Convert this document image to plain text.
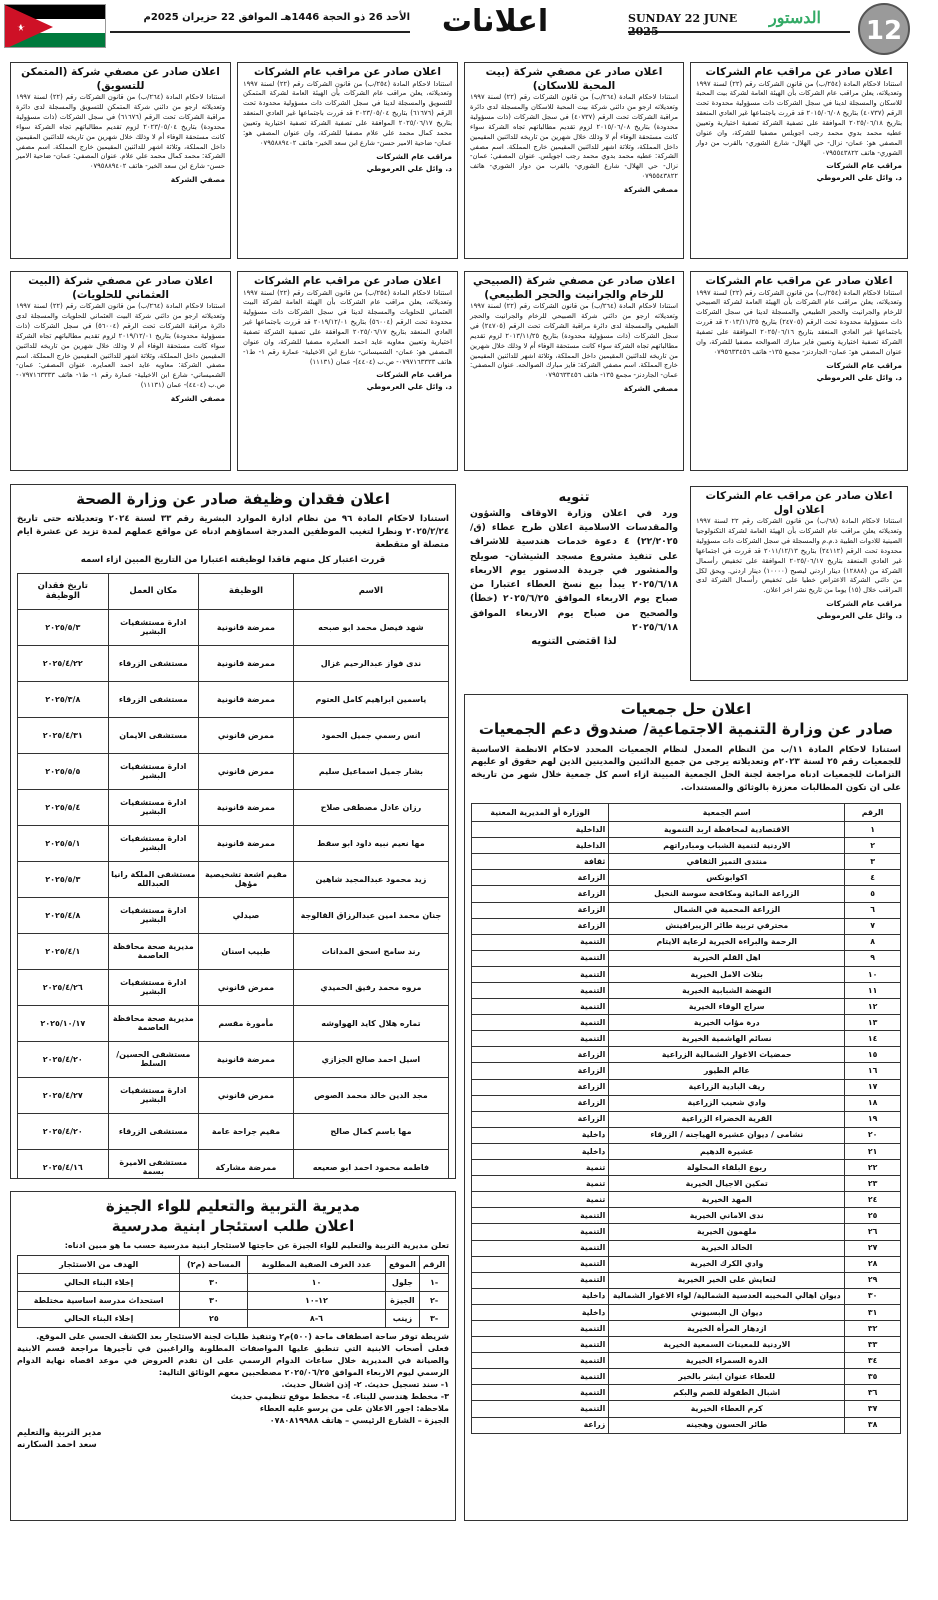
الأحد 26 ذو الحجة 1446هـ الموافق 22 حزيران 2025م	اعلانات	SUNDAY 22 JUNE 2025
الدستور	12
اعلان صادر عن مراقب عام الشركات

استنادا لاحكام المادة (٢٥٤/ب) من قانون الشركات رقم (٢٢) لسنة ١٩٩٧ وتعديلاته، يعلن مراقب عام الشركات بأن الهيئة العامة لشركة بيت المحبة للاسكان والمسجلة لدينا في سجل الشركات ذات مسؤولية محدودة تحت الرقم (٤٠٧٣٧) بتاريخ ٢٠١٥/٠٦/٠٨ قد قررت باجتماعها غير العادي المنعقد بتاريخ ٢٠٢٥/٠٦/١٨ الموافقة على تصفية الشركة تصفية اختيارية وتعيين عطيه محمد بدوي محمد رجب اجويلس مصفيا للشركة، وان عنوان المصفي هو: عمان- نزال- حي الهلال- شارع الشوري- بالقرب من دوار الشوري- هاتف ٠٧٩٥٥٤٣٨٢٢

مراقب عام الشركات
د. وائل علي العرموطي
اعلان صادر عن مصفي شركة (بيت المحبة للاسكان)

استنادا لاحكام المادة (٢٦٤/ب) من قانون الشركات رقم (٢٢) لسنة ١٩٩٧ وتعديلاته ارجو من دائني شركة بيت المحبة للاسكان والمسجلة لدى دائرة مراقبة الشركات تحت الرقم (٤٠٧٣٧) في سجل الشركات (ذات مسؤولية محدودة) بتاريخ ٢٠١٥/٠٦/٠٨ لزوم تقديم مطالباتهم تجاه الشركة سواء كانت مستحقة الوفاء أم لا وذلك خلال شهرين من تاريخه للدائنين المقيمين داخل المملكة، وثلاثة اشهر للدائنين المقيمين خارج المملكة. اسم مصفي الشركة: عطيه محمد بدوي محمد رجب اجويلس. عنوان المصفي: عمان- نزال- حي الهلال- شارع الشوري- بالقرب من دوار الشوري- هاتف ٠٧٩٥٥٤٣٨٢٢

مصفي الشركة
اعلان صادر عن مراقب عام الشركات

استنادا لاحكام المادة (٢٥٤/ب) من قانون الشركات رقم (٢٢) لسنة ١٩٩٧ وتعديلاته، يعلن مراقب عام الشركات بأن الهيئة العامة لشركة المتمكن للتسويق والمسجلة لدينا في سجل الشركات ذات مسؤولية محدودة تحت الرقم (٦١٦٧٦) بتاريخ ٢٠٢٣/٠٥/٠٤ قد قررت باجتماعها غير العادي المنعقد بتاريخ ٢٠٢٥/٠٦/١٧ الموافقة على تصفية الشركة تصفية اختيارية وتعيين محمد كمال محمد علي علام مصفيا للشركة، وان عنوان المصفي هو: عمان- ضاحية الامير حسن- شارع ابن سعد الخير- هاتف ٠٧٩٥٨٨٩٤٠٢

مراقب عام الشركات
د. وائل علي العرموطي
اعلان صادر عن مصفي شركة (المتمكن للتسويق)

استنادا لاحكام المادة (٢٦٤/ب) من قانون الشركات رقم (٢٢) لسنة ١٩٩٧ وتعديلاته ارجو من دائني شركة المتمكن للتسويق والمسجلة لدى دائرة مراقبة الشركات تحت الرقم (٦١٦٧٦) في سجل الشركات (ذات مسؤولية محدودة) بتاريخ ٢٠٢٣/٠٥/٠٤ لزوم تقديم مطالباتهم تجاه الشركة سواء كانت مستحقة الوفاء أم لا وذلك خلال شهرين من تاريخه للدائنين المقيمين داخل المملكة، وثلاثة اشهر للدائنين المقيمين خارج المملكة. اسم مصفي الشركة: محمد كمال محمد علي علام. عنوان المصفي: عمان- ضاحية الامير حسن- شارع ابن سعد الخير- هاتف ٠٧٩٥٨٨٩٤٠٢

مصفي الشركة
اعلان صادر عن مراقب عام الشركات

استنادا لاحكام المادة (٢٥٤/ب) من قانون الشركات رقم (٢٢) لسنة ١٩٩٧ وتعديلاته، يعلن مراقب عام الشركات بأن الهيئة العامة لشركة الصبيحي للرخام والجرانيت والحجر الطبيعي والمسجلة لدينا في سجل الشركات ذات مسؤولية محدودة تحت الرقم (٢٤٧٠٥) بتاريخ ٢٠١٣/١١/٢٥ قد قررت باجتماعها غير العادي المنعقد بتاريخ ٢٠٢٥/٠٦/١٦ الموافقة على تصفية الشركة تصفية اختيارية وتعيين فايز مبارك الصوالحه مصفيا للشركة، وان عنوان المصفي هو: عمان- الجاردنز- مجمع ١٣٥- هاتف ٠٧٩٥٦٣٣٤٥٦

مراقب عام الشركات
د. وائل علي العرموطي
اعلان صادر عن مصفي شركة (الصبيحي للرخام والجرانيت والحجر الطبيعي)

استنادا لاحكام المادة (٢٦٤/ب) من قانون الشركات رقم (٢٢) لسنة ١٩٩٧ وتعديلاته ارجو من دائني شركة الصبيحي للرخام والجرانيت والحجر الطبيعي والمسجلة لدى دائرة مراقبة الشركات تحت الرقم (٢٤٧٠٥) في سجل الشركات (ذات مسؤولية محدودة) بتاريخ ٢٠١٣/١١/٢٥ لزوم تقديم مطالباتهم تجاه الشركة سواء كانت مستحقة الوفاء أم لا وذلك خلال شهرين من تاريخه للدائنين المقيمين داخل المملكة، وثلاثة اشهر للدائنين المقيمين خارج المملكة. اسم مصفي الشركة: فايز مبارك الصوالحه. عنوان المصفي: عمان- الجاردنز- مجمع ١٣٥- هاتف ٠٧٩٥٦٣٣٤٥٦

مصفي الشركة
اعلان صادر عن مراقب عام الشركات

استنادا لاحكام المادة (٢٥٤/ب) من قانون الشركات رقم (٢٢) لسنة ١٩٩٧ وتعديلاته، يعلن مراقب عام الشركات بأن الهيئة العامة لشركة البيت العثماني للحلويات والمسجلة لدينا في سجل الشركات ذات مسؤولية محدودة تحت الرقم (٥٦٠٠٤) بتاريخ ٢٠١٩/١٢/٠١ قد قررت باجتماعها غير العادي المنعقد بتاريخ ٢٠٢٥/٠٦/١٧ الموافقة على تصفية الشركة تصفية اختيارية وتعيين معاويه عايد احمد العمايره مصفيا للشركة، وان عنوان المصفي هو: عمان- الشميساني- شارع ابن الاخيلية- عمارة رقم ١- ط١- هاتف ٠٧٩٧١٦٣٣٣٣- ص.ب (٤٤٠٤)- عمان (١١١٣١)

مراقب عام الشركات
د. وائل علي العرموطي
اعلان صادر عن مصفي شركة (البيت العثماني للحلويات)

استنادا لاحكام المادة (٢٦٤/ب) من قانون الشركات رقم (٢٢) لسنة ١٩٩٧ وتعديلاته ارجو من دائني شركة البيت العثماني للحلويات والمسجلة لدى دائرة مراقبة الشركات تحت الرقم (٥٦٠٠٤) في سجل الشركات (ذات مسؤولية محدودة) بتاريخ ٢٠١٩/١٢/٠١ لزوم تقديم مطالباتهم تجاه الشركة سواء كانت مستحقة الوفاء أم لا وذلك خلال شهرين من تاريخه للدائنين المقيمين داخل المملكة، وثلاثة اشهر للدائنين المقيمين خارج المملكة. اسم مصفي الشركة: معاويه عايد احمد العمايره. عنوان المصفي: عمان- الشميساني- شارع ابن الاخيلية- عمارة رقم ١- ط١- هاتف ٠٧٩٧١٦٣٣٣٣- ص.ب (٤٤٠٤)- عمان (١١١٣١)

مصفي الشركة
اعلان صادر عن مراقب عام الشركات
اعلان اول

استنادا لاحكام المادة (٦٨/ب) من قانون الشركات رقم ٢٢ لسنة ١٩٩٧ وتعديلاته يعلن مراقب عام الشركات بأن الهيئة العامة لشركة التكنولوجيا الصينية للادوات الطبية ذ.م.م والمسجلة في سجل الشركات ذات مسؤولية محدودة تحت الرقم (٢٤١١٢) بتاريخ ٢٠١١/١٢/١٣ قد قررت في اجتماعها غير العادي المنعقد بتاريخ ٢٠٢٥/٠٦/١٧ الموافقة على تخفيض رأسمال الشركة من (١٢٨٨٨) دينار اردني ليصبح (١٠٠٠٠) دينار اردني. ويحق لكل من دائني الشركة الاعتراض خطيا على تخفيض رأسمال الشركة لدى المراقب خلال (١٥) يوما من تاريخ نشر اخر اعلان.

مراقب عام الشركات
د. وائل علي العرموطي
تنويه

ورد في اعلان وزارة الاوقاف والشؤون والمقدسات الاسلامية اعلان طرح عطاء (ق/٢٢/٢٠٢٥) ٤ دعوة خدمات هندسية للاشراف على تنفيذ مشروع مسجد الشيشان- صويلح والمنشور في جريدة الدستور يوم الاربعاء ٢٠٢٥/٦/١٨ يبدأ بيع نسخ العطاء اعتبارا من صباح يوم الاربعاء الموافق ٢٠٢٥/٦/٢٥ (خطأ) والصحيح من صباح يوم الاربعاء الموافق ٢٠٢٥/٦/١٨

لذا اقتضى التنويه
اعلان فقدان وظيفة صادر عن وزارة الصحة

استنادا لاحكام المادة ٩٦ من نظام ادارة الموارد البشرية رقم ٣٣ لسنة ٢٠٢٤ وتعديلاته حتى تاريخ ٢٠٢٥/٢/٢٤ ونظرا لتغيب الموظفين المدرجة اسماؤهم ادناه عن مواقع عملهم لمدة تزيد عن عشرة ايام متصلة او متقطعة

قررت اعتبار كل منهم فاقدا لوظيفته اعتبارا من التاريخ المبين ازاء اسمه

الاسم	الوظيفة	مكان العمل	تاريخ فقدان الوظيفة
شهد فيصل محمد ابو صبحه	ممرضة قانونية	ادارة مستشفيات البشير	٢٠٢٥/٥/٣
ندى فواز عبدالرحيم غزال	ممرضة قانونية	مستشفى الزرقاء	٢٠٢٥/٤/٢٢
ياسمين ابراهيم كامل العتوم	ممرضة قانونية	مستشفى الزرقاء	٢٠٢٥/٣/٨
انس رسمي جميل الحمود	ممرض قانوني	مستشفى الايمان	٢٠٢٥/٤/٣١
بشار جميل اسماعيل سليم	ممرض قانوني	ادارة مستشفيات البشير	٢٠٢٥/٥/٥
رزان عادل مصطفى صلاح	ممرضة قانونية	ادارة مستشفيات البشير	٢٠٢٥/٥/٤
مها نعيم نبيه داود ابو سقط	ممرضة قانونية	ادارة مستشفيات البشير	٢٠٢٥/٥/١
زيد محمود عبدالمجيد شاهين	مقيم اشعة تشخيصية مؤهل	مستشفى الملكة رانيا العبدالله	٢٠٢٥/٥/٣
جنان محمد امين عبدالرزاق القالوجة	صيدلي	ادارة مستشفيات البشير	٢٠٢٥/٤/٨
رند سامح اسحق المدانات	طبيب اسنان	مديرية صحة محافظة العاصمة	٢٠٢٥/٤/١
مروه محمد رفيق الحميدي	ممرض قانوني	ادارة مستشفيات البشير	٢٠٢٥/٤/٢٦
تماره هلال كايد الهواوشه	مأمورة مقسم	مديرية صحة محافظة العاصمة	٢٠٢٥/١٠/١٧
اسيل احمد صالح الجزازي	ممرضة قانونية	مستشفى الحسين/ السلط	٢٠٢٥/٤/٢٠
مجد الدين خالد محمد الصوص	ممرض قانوني	ادارة مستشفيات البشير	٢٠٢٥/٤/٢٧
مها باسم كمال صالح	مقيم جراحة عامة	مستشفى الزرقاء	٢٠٢٥/٤/٢٠
فاطمه محمود احمد ابو صعيعه	ممرضة مشاركة	مستشفى الاميرة بسمة	٢٠٢٥/٤/١٦
مديرية التربية والتعليم للواء الجيزة
اعلان طلب استئجار ابنية مدرسية

تعلن مديرية التربية والتعليم للواء الجيزة عن حاجتها لاستئجار ابنية مدرسية حسب ما هو مبين ادناه:

الرقم	الموقع	عدد الغرف الصفية المطلوبة	المساحة (م٢)	الهدف من الاستئجار
-١	جلول	١٠	٣٠	إخلاء البناء الحالي
-٢	الجيزة	١٢-١٠	٣٠	استحداث مدرسة اساسية مختلطة
-٣	زينب	٦-٨	٢٥	إخلاء البناء الحالي

شريطة توفر ساحة اصطفاف ماحة (٥٠٠)م٢ وتنفيذ طلبات لجنة الاستئجار بعد الكشف الحسي على الموقع.

فعلى أصحاب الابنية التي تنطبق عليها المواصفات المطلوبة والراغبين في تأجيرها مراجعة قسم الابنية والصيانة في المديرية خلال ساعات الدوام الرسمي على ان تقدم العروض في موعد اقصاه نهاية الدوام الرسمي ليوم الاربعاء الموافق ٢٠٢٥/٠٦/٢٥ مصطحبين معهم الوثائق التالية:

١- سند تسجيل حديث. ٢- إذن اشغال حديث.

٣- مخطط هندسي للبناء. ٤- مخطط موقع تنظيمي حديث

ملاحظة: اجور الاعلان على من يرسو عليه العطاء

الجيزة – الشارع الرئيسي – هاتف ٠٧٨٠٨١٩٩٨٨

مدير التربية والتعليم

سعد احمد السكارنه

اعلان حل جمعيات
صادر عن وزارة التنمية الاجتماعية/ صندوق دعم الجمعيات

استنادا لاحكام المادة ١١/ب من النظام المعدل لنظام الجمعيات المحدد لاحكام الانظمة الاساسية للجمعيات رقم ٢٥ لسنة ٢٠٢٣م وتعديلاته يرجى من جميع الدائنين والمدينين الذين لهم حقوق او عليهم التزامات للجمعيات ادناه مراجعة لجنة الحل الجمعية المبينة ازاء اسم كل جمعية خلال شهر من تاريخه على ان تكون المطالبات معززة بالوثائق والمستندات.

الرقم	اسم الجمعية	الوزارة أو المديرية المعنية
١	الاقتصادية لمحافظة اربد التنموية	الداخلية
٢	الاردنية لتنمية الشباب ومبادراتهم	الداخلية
٣	منتدى التميز الثقافي	ثقافة
٤	اكوابونكس	الزراعة
٥	الزراعة المائية ومكافحة سوسة النخيل	الزراعة
٦	الزراعة المحمية في الشمال	الزراعة
٧	محترفي تربية طائر الزيبرافينش	الزراعة
٨	الرحمة والبراءة الخيرية لرعاية الايتام	التنمية
٩	اهل القلم الخيرية	التنمية
١٠	بتلات الامل الخيرية	التنمية
١١	النهضة الشبابية الخيرية	التنمية
١٢	سراج الوفاء الخيرية	التنمية
١٣	درة مؤاب الخيرية	التنمية
١٤	نسائم الهاشمية الخيرية	التنمية
١٥	حمضيات الاغوار الشمالية الزراعية	الزراعة
١٦	عالم الطيور	الزراعة
١٧	ريف البادية الزراعية	الزراعة
١٨	وادي شعيب الزراعية	الزراعة
١٩	القرية الخضراء الزراعية	الزراعة
٢٠	نشامى / ديوان عشيرة الهياجنه / الزرقاء	داخلية
٢١	عشيرة الدهيم	داخلية
٢٢	ربوع البلقاء المحلولة	تنمية
٢٣	تمكين الاجيال الخيرية	تنمية
٢٤	المهد الخيرية	تنمية
٢٥	ندى الاماني الخيرية	التنمية
٢٦	ملهمون الخيرية	التنمية
٢٧	الخالد الخيرية	التنمية
٢٨	وادي الكرك الخيرية	التنمية
٢٩	لتعايش على الخير الخيرية	التنمية
٣٠	ديوان اهالي المخيبه العدسية الشمالية/ لواء الاغوار الشمالية	داخلية
٣١	ديوان ال البسيوني	داخلية
٣٢	ازدهار المرأة الخيرية	التنمية
٣٣	الاردنية للمعينات السمعية الخيرية	التنمية
٣٤	الدرة السمراء الخيرية	التنمية
٣٥	للعطاء عنوان ابشر بالخير	التنمية
٣٦	اشبال الطفولة للصم والبكم	التنمية
٣٧	كرم العطاء الخيرية	التنمية
٣٨	طائر الحسون وهجينه	زراعة
